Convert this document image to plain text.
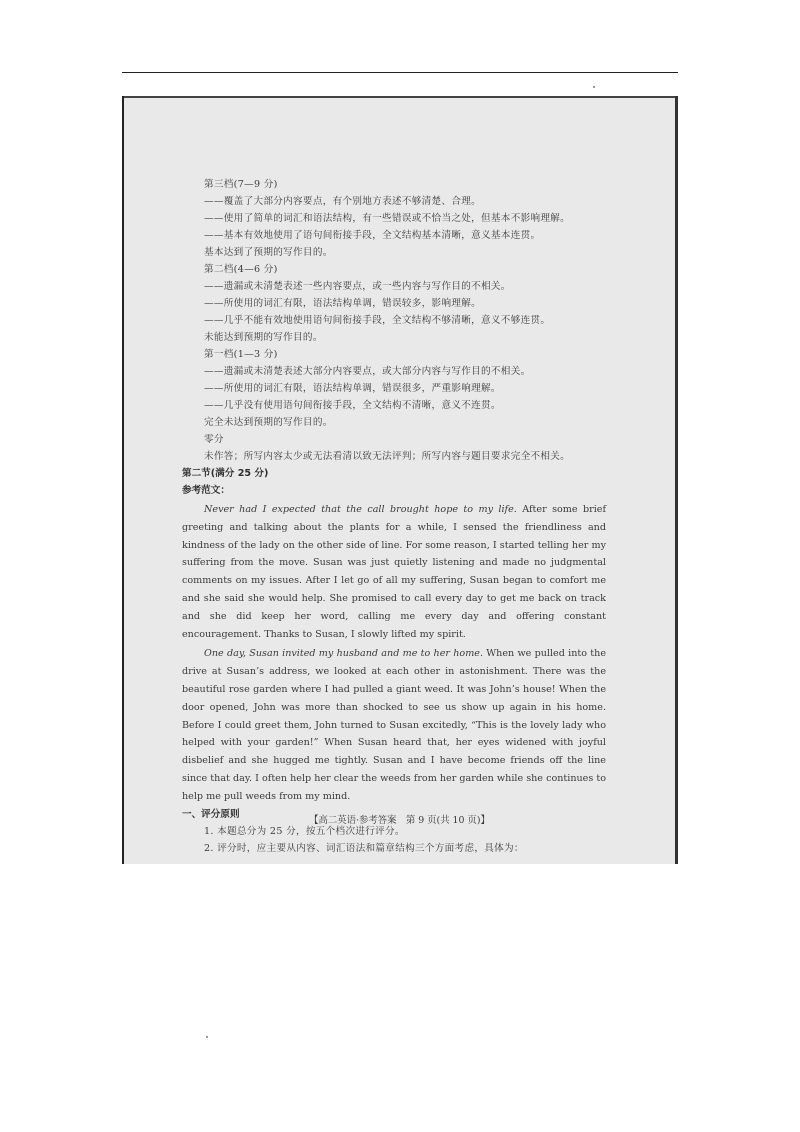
第三档(7—9 分)
——覆盖了大部分内容要点，有个别地方表述不够清楚、合理。
——使用了简单的词汇和语法结构，有一些错误或不恰当之处，但基本不影响理解。
——基本有效地使用了语句间衔接手段，全文结构基本清晰，意义基本连贯。
基本达到了预期的写作目的。
第二档(4—6 分)
——遗漏或未清楚表述一些内容要点，或一些内容与写作目的不相关。
——所使用的词汇有限，语法结构单调，错误较多，影响理解。
——几乎不能有效地使用语句间衔接手段，全文结构不够清晰，意义不够连贯。
未能达到预期的写作目的。
第一档(1—3 分)
——遗漏或未清楚表述大部分内容要点，或大部分内容与写作目的不相关。
——所使用的词汇有限，语法结构单调，错误很多，严重影响理解。
——几乎没有使用语句间衔接手段，全文结构不清晰，意义不连贯。
完全未达到预期的写作目的。
零分
未作答；所写内容太少或无法看清以致无法评判；所写内容与题目要求完全不相关。
第二节(满分 25 分)
参考范文：
Never had I expected that the call brought hope to my life. After some brief greeting and talking about the plants for a while, I sensed the friendliness and kindness of the lady on the other side of line. For some reason, I started telling her my suffering from the move. Susan was just quietly listening and made no judgmental comments on my issues. After I let go of all my suffering, Susan began to comfort me and she said she would help. She promised to call every day to get me back on track and she did keep her word, calling me every day and offering constant encouragement. Thanks to Susan, I slowly lifted my spirit.
One day, Susan invited my husband and me to her home. When we pulled into the drive at Susan’s address, we looked at each other in astonishment. There was the beautiful rose garden where I had pulled a giant weed. It was John’s house! When the door opened, John was more than shocked to see us show up again in his home. Before I could greet them, John turned to Susan excitedly, “This is the lovely lady who helped with your garden!” When Susan heard that, her eyes widened with joyful disbelief and she hugged me tightly. Susan and I have become friends off the line since that day. I often help her clear the weeds from her garden while she continues to help me pull weeds from my mind.
一、评分原则
1. 本题总分为 25 分，按五个档次进行评分。
2. 评分时，应主要从内容、词汇语法和篇章结构三个方面考虑，具体为：
【高二英语·参考答案　第 9 页(共 10 页)】
